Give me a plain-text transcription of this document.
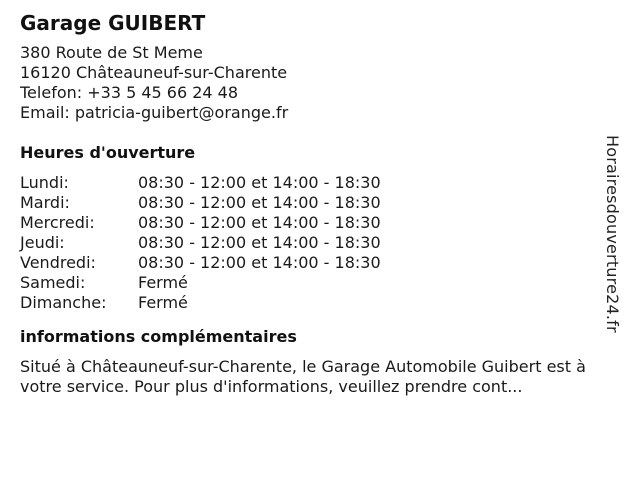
Garage GUIBERT
380 Route de St Meme
16120 Châteauneuf-sur-Charente
Telefon: +33 5 45 66 24 48
Email: patricia-guibert@orange.fr
Heures d'ouverture
Lundi:	08:30 - 12:00 et 14:00 - 18:30
Mardi:	08:30 - 12:00 et 14:00 - 18:30
Mercredi:	08:30 - 12:00 et 14:00 - 18:30
Jeudi:	08:30 - 12:00 et 14:00 - 18:30
Vendredi:	08:30 - 12:00 et 14:00 - 18:30
Samedi:	Fermé
Dimanche:	Fermé
informations complémentaires
Situé à Châteauneuf-sur-Charente, le Garage Automobile Guibert est à votre service. Pour plus d'informations, veuillez prendre cont...
Horairesdouverture24.fr
